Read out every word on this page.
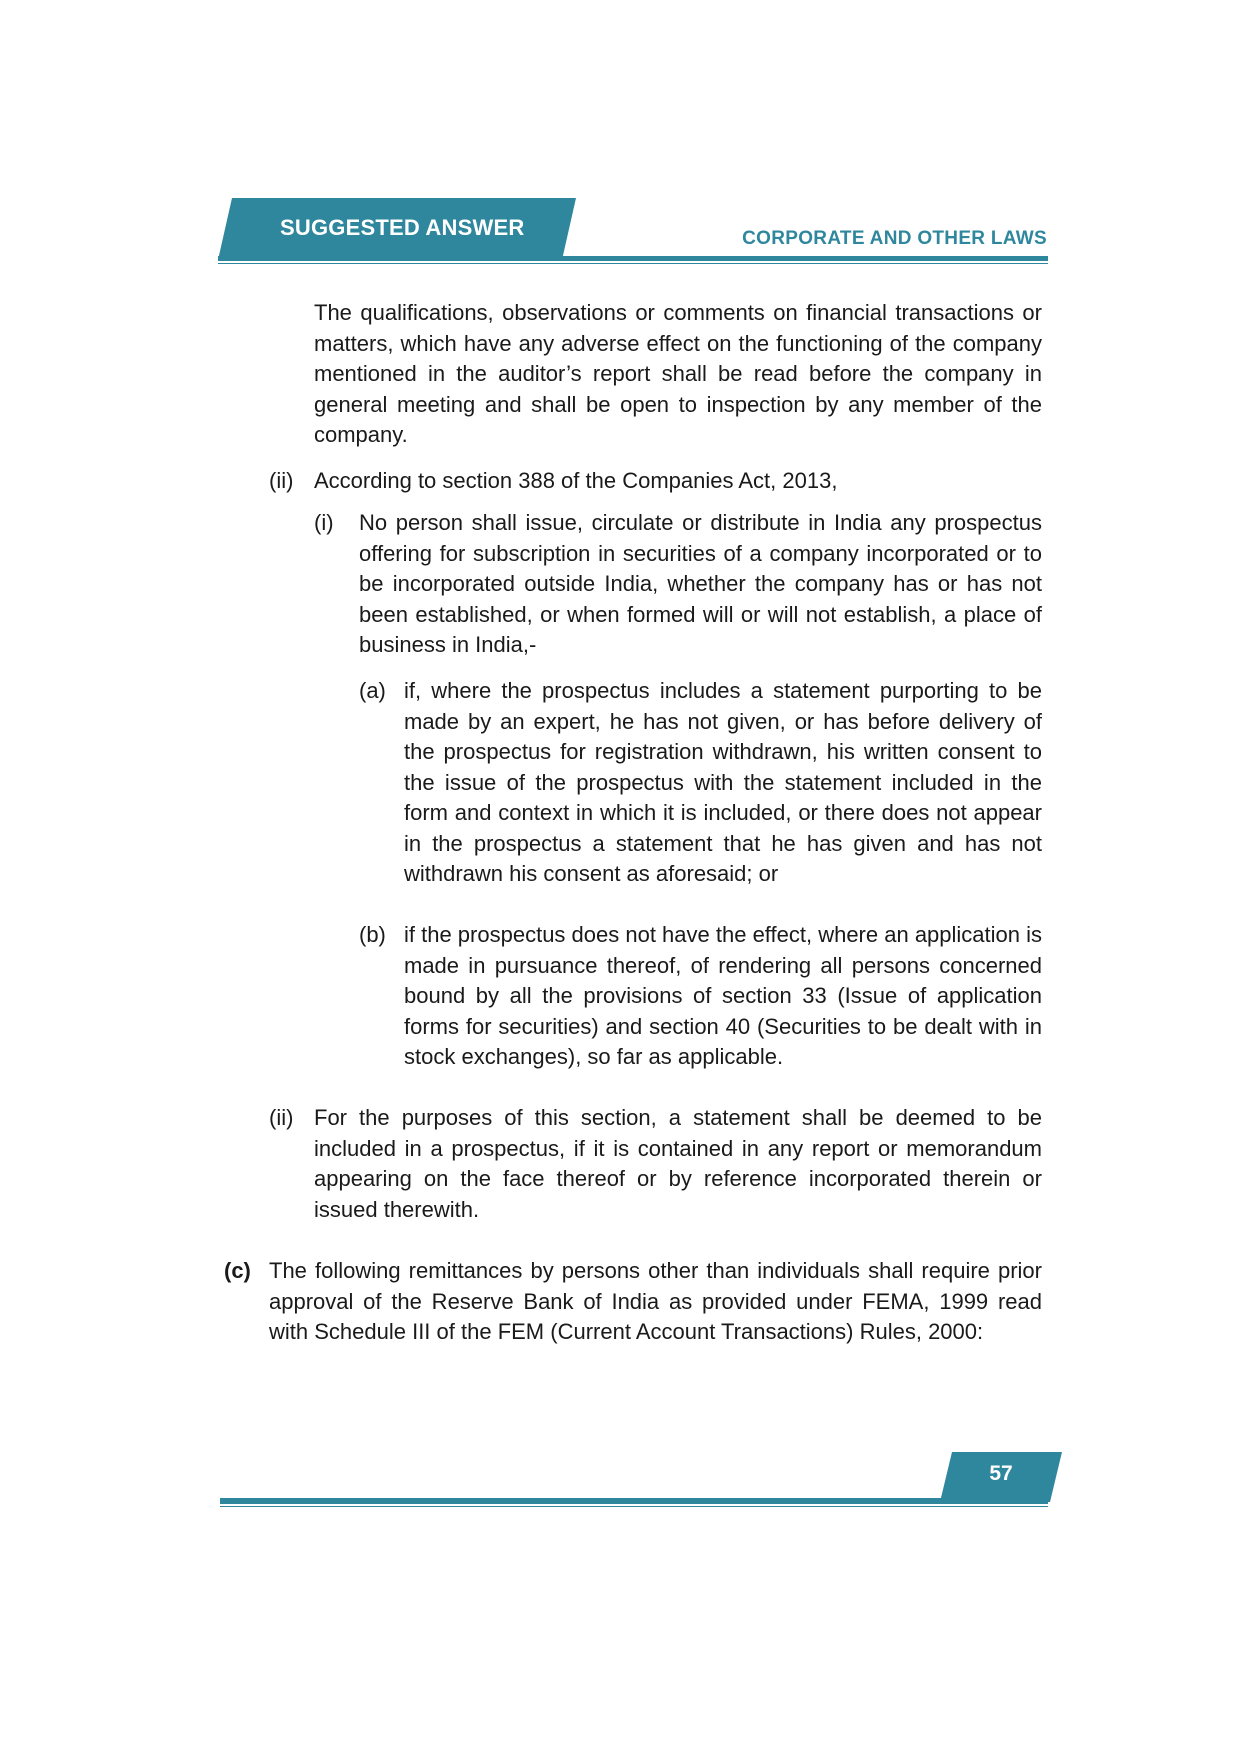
SUGGESTED ANSWER	CORPORATE AND OTHER LAWS
The qualifications, observations or comments on financial transactions or matters, which have any adverse effect on the functioning of the company mentioned in the auditor’s report shall be read before the company in general meeting and shall be open to inspection by any member of the company.
(ii) According to section 388 of the Companies Act, 2013,
(i) No person shall issue, circulate or distribute in India any prospectus offering for subscription in securities of a company incorporated or to be incorporated outside India, whether the company has or has not been established, or when formed will or will not establish, a place of business in India,-
(a) if, where the prospectus includes a statement purporting to be made by an expert, he has not given, or has before delivery of the prospectus for registration withdrawn, his written consent to the issue of the prospectus with the statement included in the form and context in which it is included, or there does not appear in the prospectus a statement that he has given and has not withdrawn his consent as aforesaid; or
(b) if the prospectus does not have the effect, where an application is made in pursuance thereof, of rendering all persons concerned bound by all the provisions of section 33 (Issue of application forms for securities) and section 40 (Securities to be dealt with in stock exchanges), so far as applicable.
(ii) For the purposes of this section, a statement shall be deemed to be included in a prospectus, if it is contained in any report or memorandum appearing on the face thereof or by reference incorporated therein or issued therewith.
(c) The following remittances by persons other than individuals shall require prior approval of the Reserve Bank of India as provided under FEMA, 1999 read with Schedule III of the FEM (Current Account Transactions) Rules, 2000:
57
